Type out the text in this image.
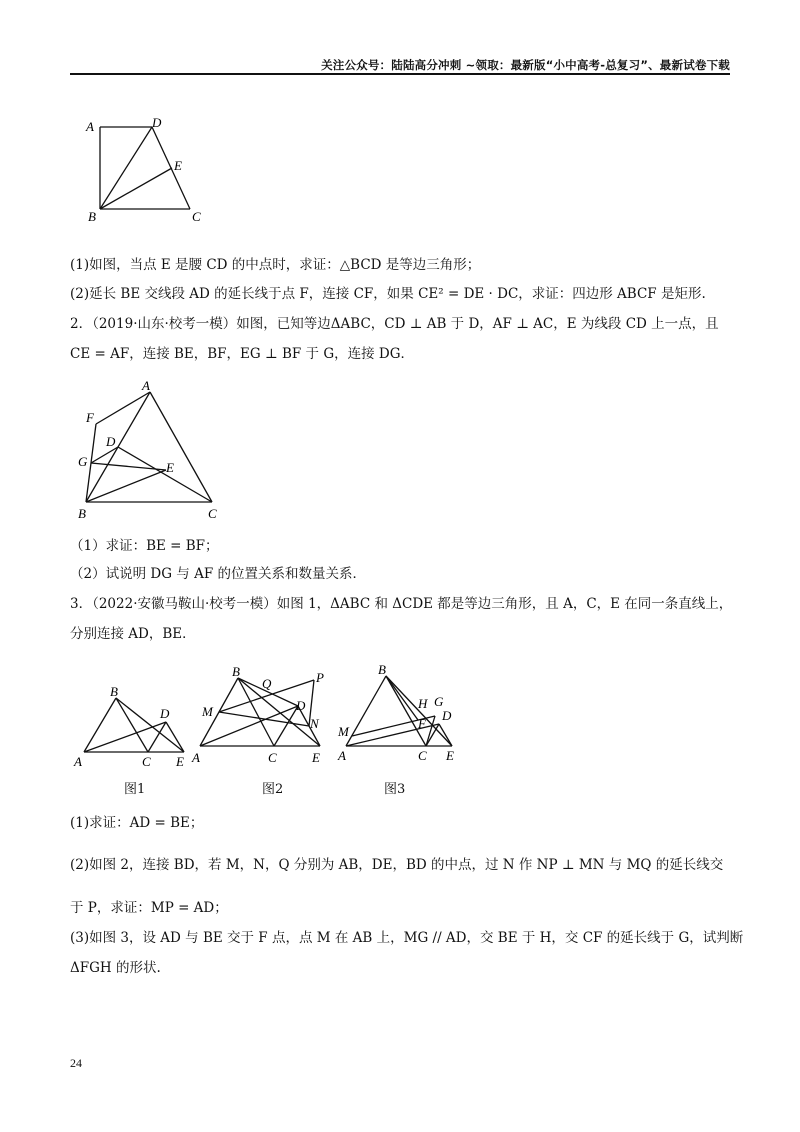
关注公众号：陆陆高分冲刺 ~领取：最新版“小中高考-总复习”、最新试卷下载
A	D
E
B	C
(1)如图，当点 E 是腰 CD 的中点时，求证：△BCD 是等边三角形；
(2)延长 BE 交线段 AD 的延长线于点 F，连接 CF，如果 CE² = DE · DC，求证：四边形 ABCF 是矩形.
2．（2019·山东·校考一模）如图，已知等边ΔABC，CD ⊥ AB 于 D，AF ⊥ AC，E 为线段 CD 上一点，且
CE = AF，连接 BE，BF，EG ⊥ BF 于 G，连接 DG．
A
F
D
G	E
B	C
（1）求证：BE = BF；
（2）试说明 DG 与 AF 的位置关系和数量关系．
3．（2022·安徽马鞍山·校考一模）如图 1，ΔABC 和 ΔCDE 都是等边三角形，且 A，C，E 在同一条直线上，
分别连接 AD，BE．
B
D
A	C E
图1
B
Q	P
M	D
N
A	C	E
图2
B
H G
F
D
M
A	C E
图3
(1)求证：AD = BE；
(2)如图 2，连接 BD，若 M，N，Q 分别为 AB，DE，BD 的中点，过 N 作 NP ⊥ MN 与 MQ 的延长线交
于 P，求证：MP = AD；
(3)如图 3，设 AD 与 BE 交于 F 点，点 M 在 AB 上，MG // AD，交 BE 于 H，交 CF 的延长线于 G，试判断
ΔFGH 的形状.
24
